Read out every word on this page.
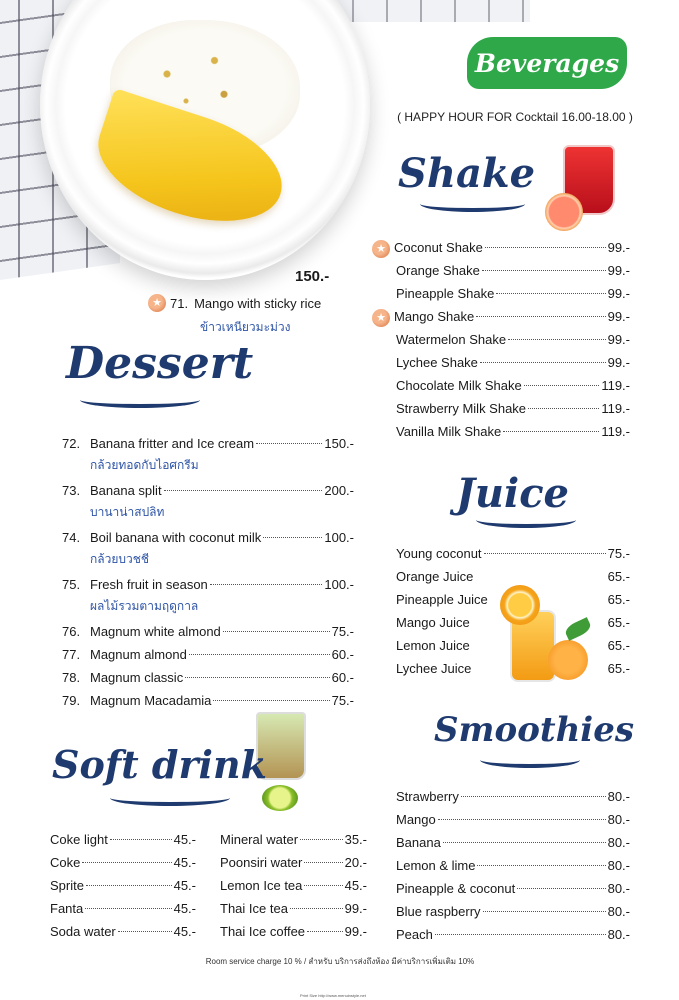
Beverages
( HAPPY HOUR FOR Cocktail 16.00-18.00 )
150.-
★ 71. Mango with sticky rice
ข้าวเหนียวมะม่วง
Dessert
72. Banana fritter and Ice cream	150.-
กล้วยทอดกับไอศกรีม
73. Banana split	200.-
บานาน่าสปลิท
74. Boil banana with coconut milk	100.-
กล้วยบวชชี
75. Fresh fruit in season	100.-
ผลไม้รวมตามฤดูกาล
76. Magnum white almond	75.-
77. Magnum almond	60.-
78. Magnum classic	60.-
79. Magnum Macadamia	75.-
Soft drink
Coke light	45.-
Coke	45.-
Sprite	45.-
Fanta	45.-
Soda water	45.-
Mineral water	35.-
Poonsiri water	20.-
Lemon Ice tea	45.-
Thai Ice tea	99.-
Thai Ice coffee	99.-
Shake
★ Coconut Shake	99.-
Orange Shake	99.-
Pineapple Shake	99.-
★ Mango Shake	99.-
Watermelon Shake	99.-
Lychee Shake	99.-
Chocolate Milk Shake	119.-
Strawberry Milk Shake	119.-
Vanilla Milk Shake	119.-
Juice
Young coconut	75.-
Orange Juice	65.-
Pineapple Juice	65.-
Mango Juice	65.-
Lemon Juice	65.-
Lychee Juice	65.-
Smoothies
Strawberry	80.-
Mango	80.-
Banana	80.-
Lemon & lime	80.-
Pineapple & coconut	80.-
Blue raspberry	80.-
Peach	80.-
Room service charge 10 % / สำหรับ บริการส่งถึงห้อง มีค่าบริการเพิ่มเติม 10%
Print Size http://www.menuinstyle.net
